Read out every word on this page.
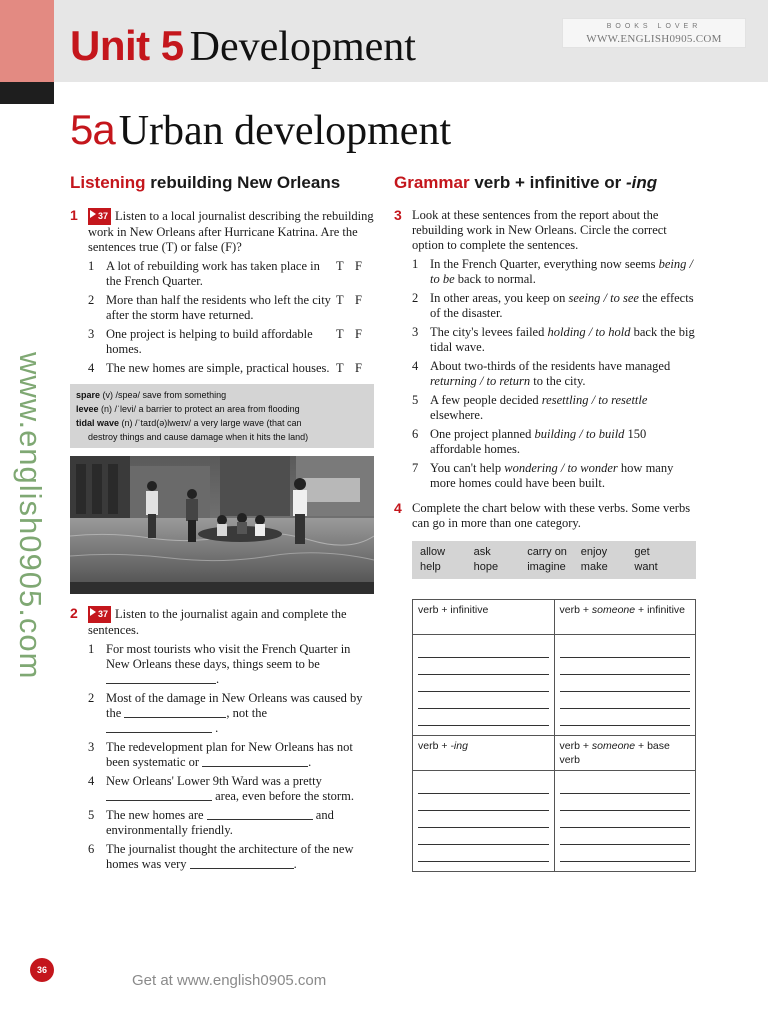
Unit 5 Development	BOOKS LOVER
WWW.ENGLISH0905.COM
5aUrban development
www.english0905.com
Listening rebuilding New Orleans
1	37 Listen to a local journalist describing the rebuilding work in New Orleans after Hurricane Katrina. Are the sentences true (T) or false (F)?
1 A lot of rebuilding work has taken place in the French Quarter.
T F
2 More than half the residents who left the city after the storm have returned.
T F
3 One project is helping to build affordable homes.
T F
4 The new homes are simple, practical houses. T F
spare (v) /speə/ save from something
levee (n) /ˈlevi/ a barrier to protect an area from flooding
tidal wave (n) /ˈtaɪd(ə)lweɪv/ a very large wave (that can
destroy things and cause damage when it hits the land)
2	37 Listen to the journalist again and complete the sentences.
1 For most tourists who visit the French Quarter in New Orleans these days, things seem to be
.
2 Most of the damage in New Orleans was caused by the	, not the
.
3 The redevelopment plan for New Orleans has not been systematic or	.
4 New Orleans' Lower 9th Ward was a pretty
area, even before the storm.
5 The new homes are	and environmentally friendly.
6 The journalist thought the architecture of the new homes was very	.
Grammar verb + infinitive or -ing
3 Look at these sentences from the report about the rebuilding work in New Orleans. Circle the correct option to complete the sentences.
1 In the French Quarter, everything now seems being / to be back to normal.
2 In other areas, you keep on seeing / to see the effects of the disaster.
3 The city's levees failed holding / to hold back the big tidal wave.
4 About two-thirds of the residents have managed returning / to return to the city.
5 A few people decided resettling / to resettle elsewhere.
6 One project planned building / to build 150 affordable homes.
7 You can't help wondering / to wonder how many more homes could have been built.
4 Complete the chart below with these verbs. Some verbs can go in more than one category.
allow	ask	carry on	enjoy	get
help	hope	imagine	make	want
verb + infinitive	verb + someone + infinitive
verb + -ing	verb + someone + base verb
36
Get at www.english0905.com
